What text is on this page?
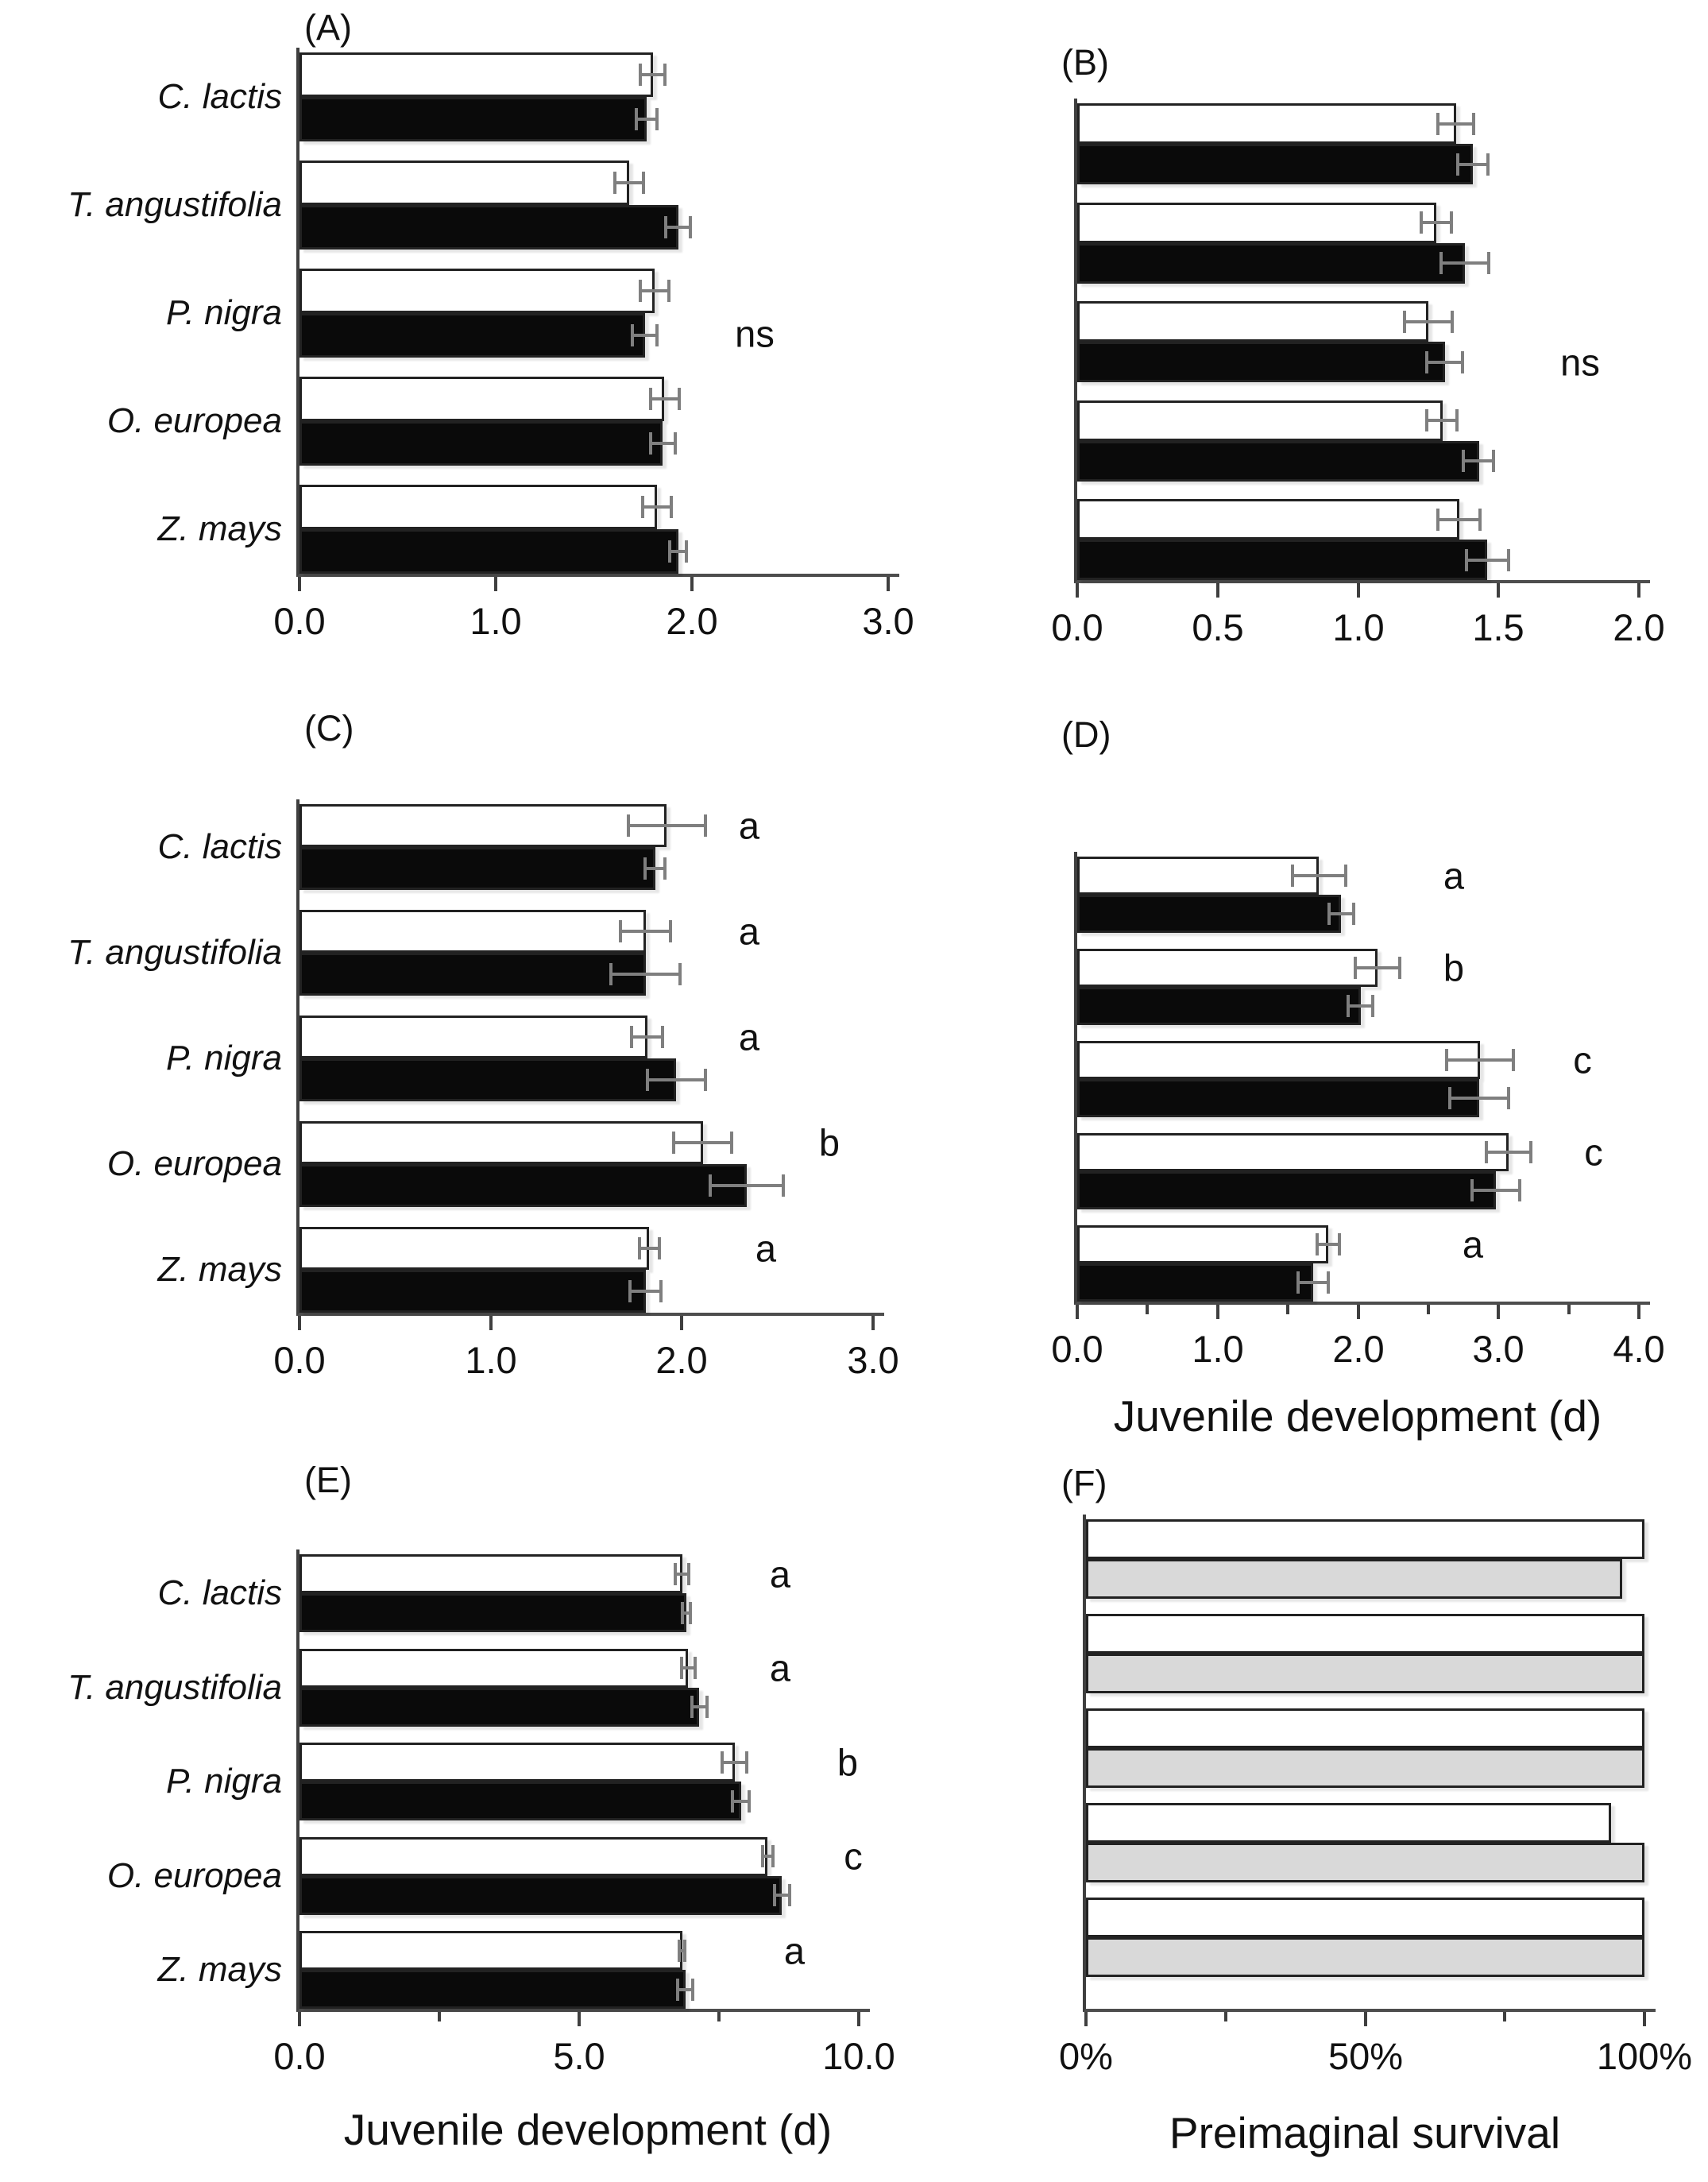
(A)
(B)
(C)	(D)
(E)	(F)
Juvenile development (d)
Juvenile development (d)	Preimaginal survival
C. lactis
T. angustifolia
P. nigra
O. europea
Z. mays
ns
0.0	1.0	2.0	3.0
ns
0.0 0.5 1.0 1.5 2.0
C. lactis	a
T. angustifolia	a
P. nigra	a
O. europea	b
Z. mays	a
0.0	1.0	2.0	3.0
a
b
c
c
a
0.0 1.0 2.0 3.0 4.0
C. lactis	a
T. angustifolia	a
P. nigra	b
O. europea	c
Z. mays	a
0.0	5.0	10.0	0%	50%	100%
